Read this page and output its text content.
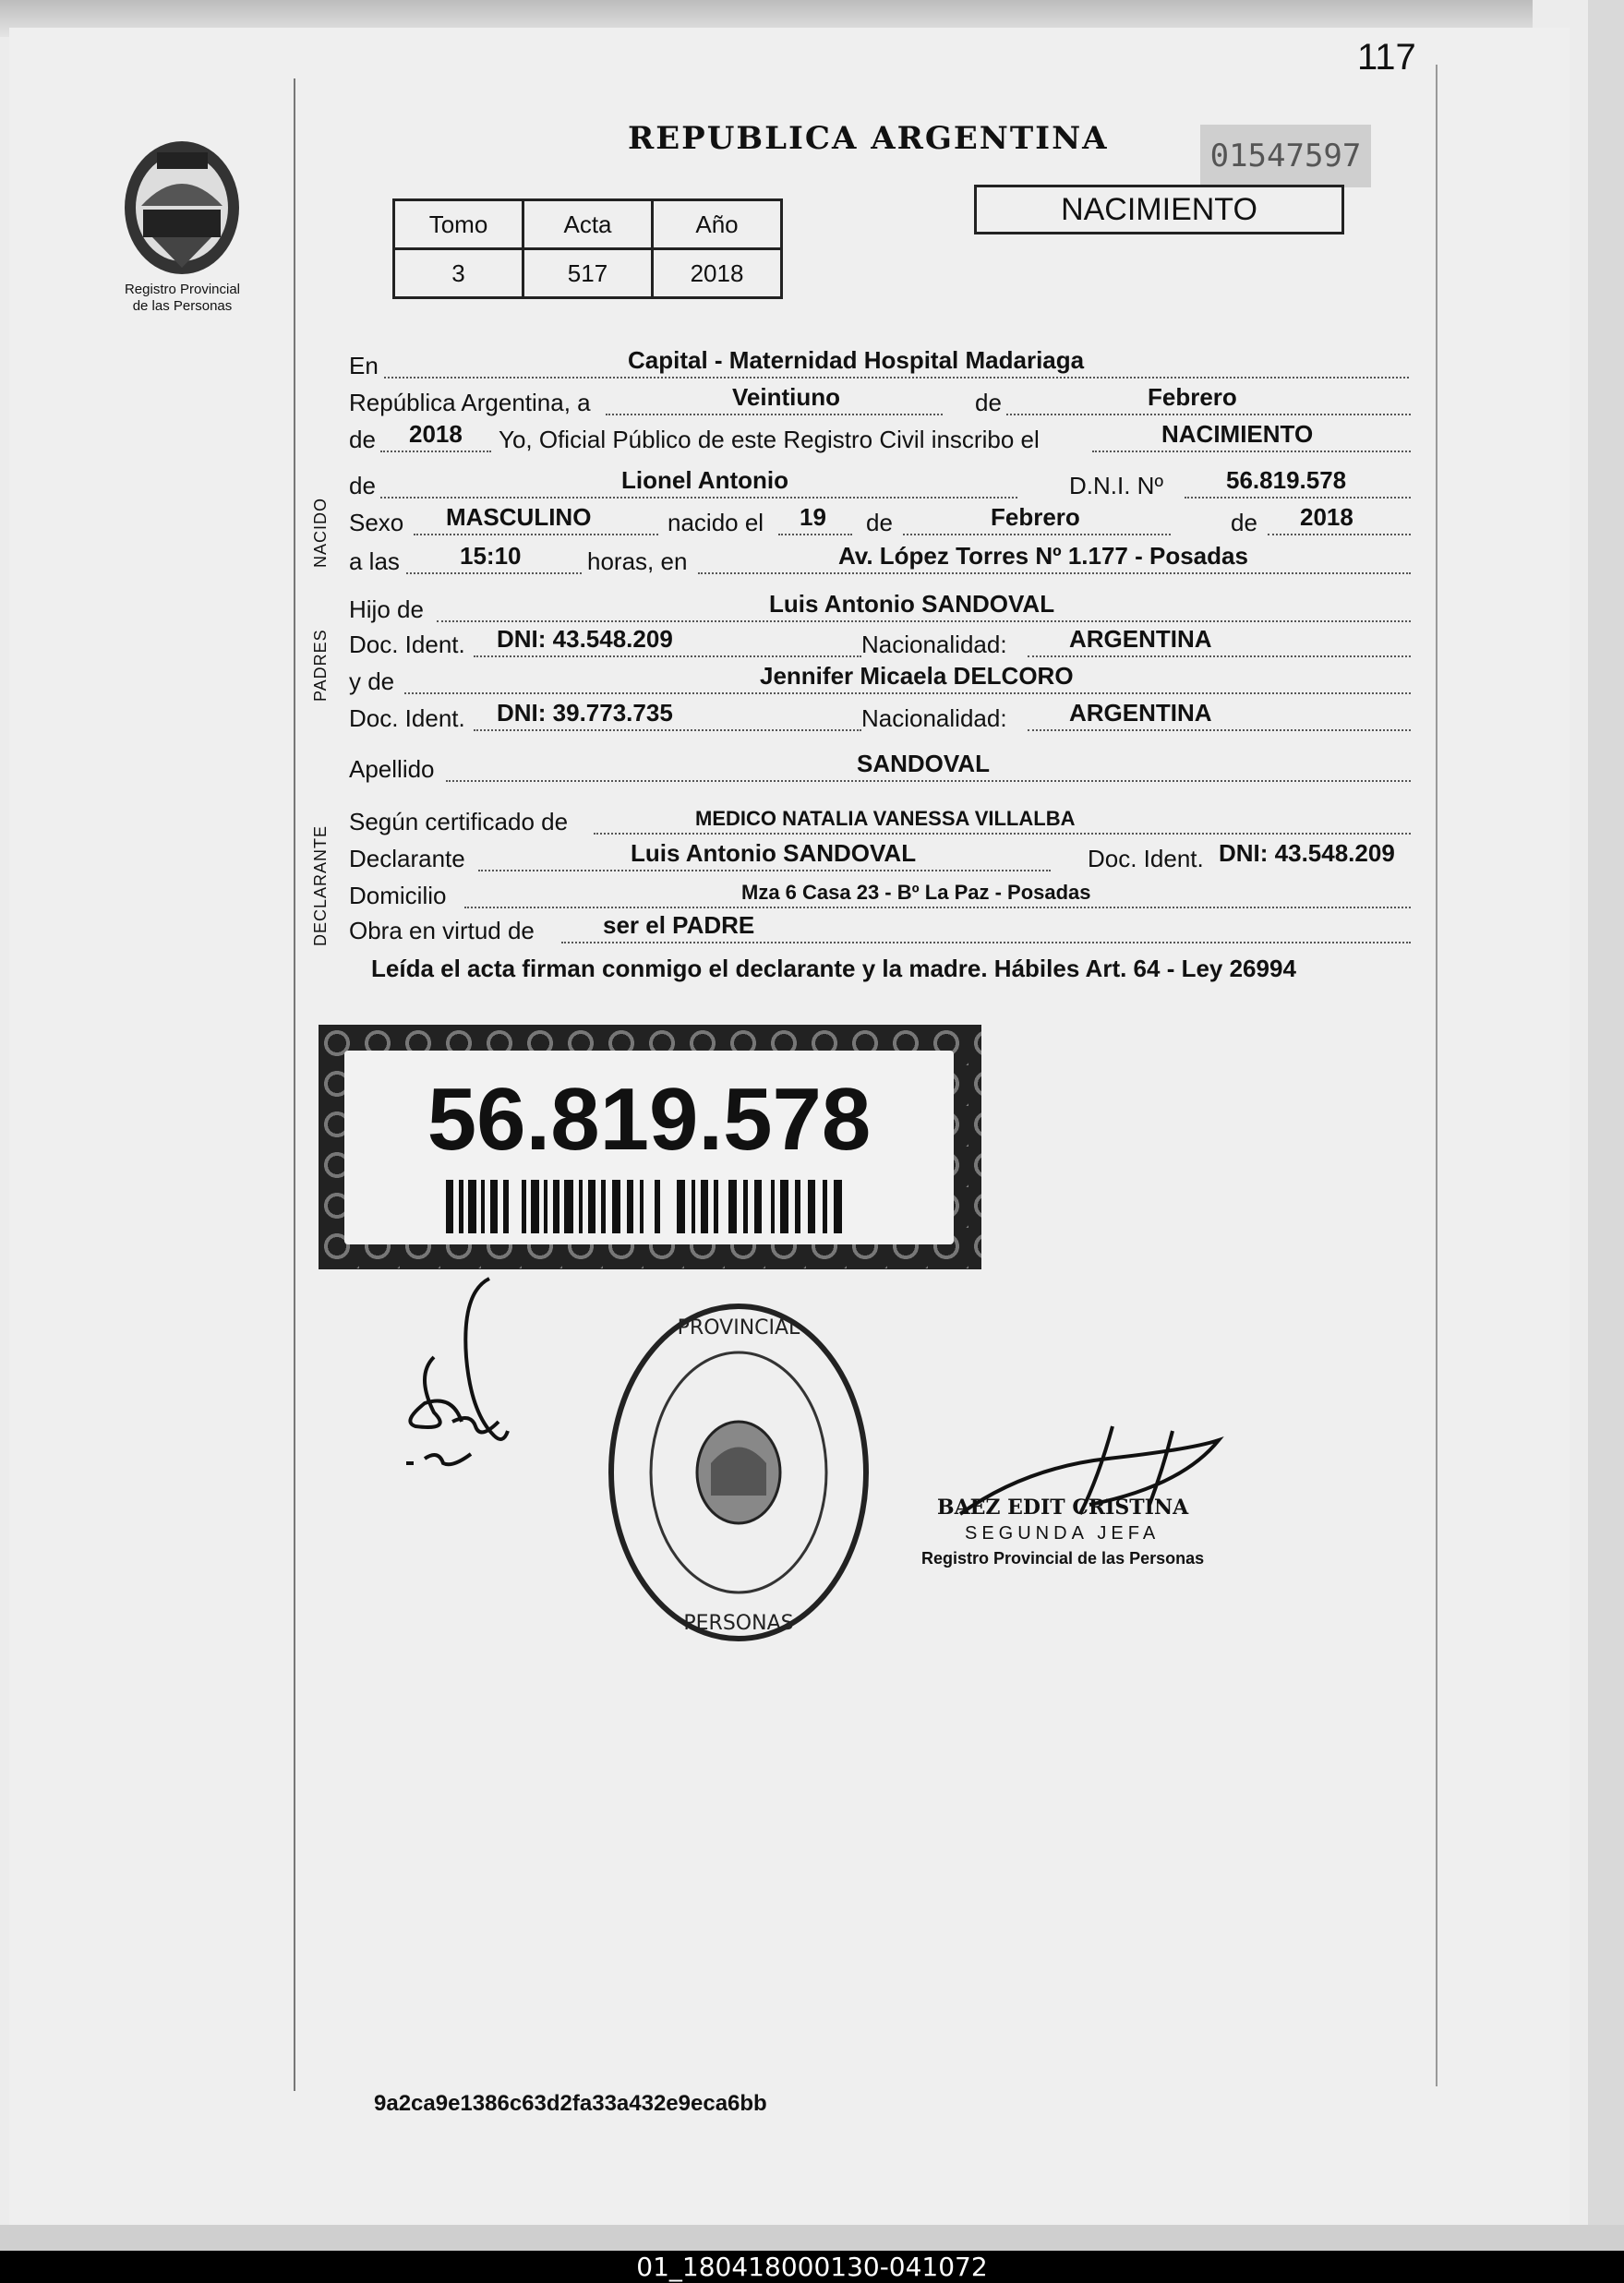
117
Registro Provincial
de las Personas
REPUBLICA ARGENTINA	01547597
NACIMIENTO
Tomo	Acta	Año
3	517	2018
En	Capital - Maternidad Hospital Madariaga
República Argentina, a	Veintiuno	de	Febrero
de 2018 Yo, Oficial Público de este Registro Civil inscribo el	NACIMIENTO
NACIDO
de	Lionel Antonio	D.N.I. Nº	56.819.578
Sexo MASCULINO	nacido el 19 de	Febrero	de 2018
a las	15:10	horas, en	Av. López Torres Nº 1.177 - Posadas
PADRES
Hijo de	Luis Antonio SANDOVAL
Doc. Ident. DNI: 43.548.209	Nacionalidad:	ARGENTINA
y de	Jennifer Micaela DELCORO
Doc. Ident. DNI: 39.773.735	Nacionalidad:	ARGENTINA
Apellido	SANDOVAL
DECLARANTE
Según certificado de	MEDICO NATALIA VANESSA VILLALBA
Declarante	Luis Antonio SANDOVAL	Doc. Ident. DNI: 43.548.209
Domicilio	Mza 6 Casa 23 - Bº La Paz - Posadas
Obra en virtud de	ser el PADRE
Leída el acta firman conmigo el declarante y la madre. Hábiles Art. 64 - Ley 26994
56.819.578
PROVINCIAL
PERSONAS
BAEZ EDIT CRISTINA
SEGUNDA JEFA
Registro Provincial de las Personas
9a2ca9e1386c63d2fa33a432e9eca6bb
01_180418000130-041072
